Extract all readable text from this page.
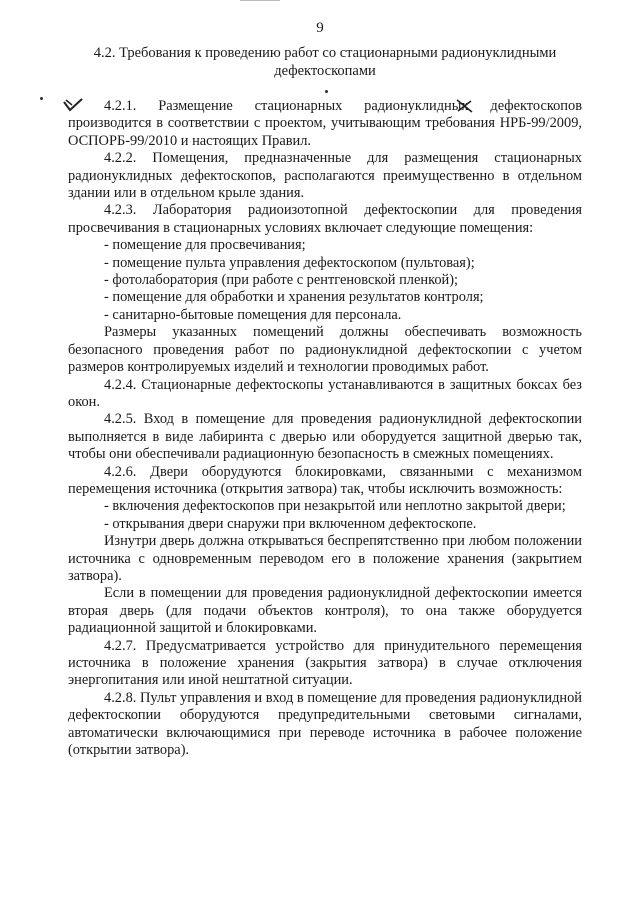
9
4.2. Требования к проведению работ со стационарными радионуклидными дефектоскопами

4.2.1. Размещение стационарных радионуклидных дефектоскопов производится в соответствии с проектом, учитывающим требования НРБ-99/2009, ОСПОРБ-99/2010 и настоящих Правил.

4.2.2. Помещения, предназначенные для размещения стационарных радионуклидных дефектоскопов, располагаются преимущественно в отдельном здании или в отдельном крыле здания.

4.2.3. Лаборатория радиоизотопной дефектоскопии для проведения просвечивания в стационарных условиях включает следующие помещения:

- помещение для просвечивания;

- помещение пульта управления дефектоскопом (пультовая);

- фотолаборатория (при работе с рентгеновской пленкой);

- помещение для обработки и хранения результатов контроля;

- санитарно-бытовые помещения для персонала.

Размеры указанных помещений должны обеспечивать возможность безопасного проведения работ по радионуклидной дефектоскопии с учетом размеров контролируемых изделий и технологии проводимых работ.

4.2.4. Стационарные дефектоскопы устанавливаются в защитных боксах без окон.

4.2.5. Вход в помещение для проведения радионуклидной дефектоскопии выполняется в виде лабиринта с дверью или оборудуется защитной дверью так, чтобы они обеспечивали радиационную безопасность в смежных помещениях.

4.2.6. Двери оборудуются блокировками, связанными с механизмом перемещения источника (открытия затвора) так, чтобы исключить возможность:

- включения дефектоскопов при незакрытой или неплотно закрытой двери;

- открывания двери снаружи при включенном дефектоскопе.

Изнутри дверь должна открываться беспрепятственно при любом положении источника с одновременным переводом его в положение хранения (закрытием затвора).

Если в помещении для проведения радионуклидной дефектоскопии имеется вторая дверь (для подачи объектов контроля), то она также оборудуется радиационной защитой и блокировками.

4.2.7. Предусматривается устройство для принудительного перемещения источника в положение хранения (закрытия затвора) в случае отключения энергопитания или иной нештатной ситуации.

4.2.8. Пульт управления и вход в помещение для проведения радионуклидной дефектоскопии оборудуются предупредительными световыми сигналами, автоматически включающимися при переводе источника в рабочее положение (открытии затвора).
